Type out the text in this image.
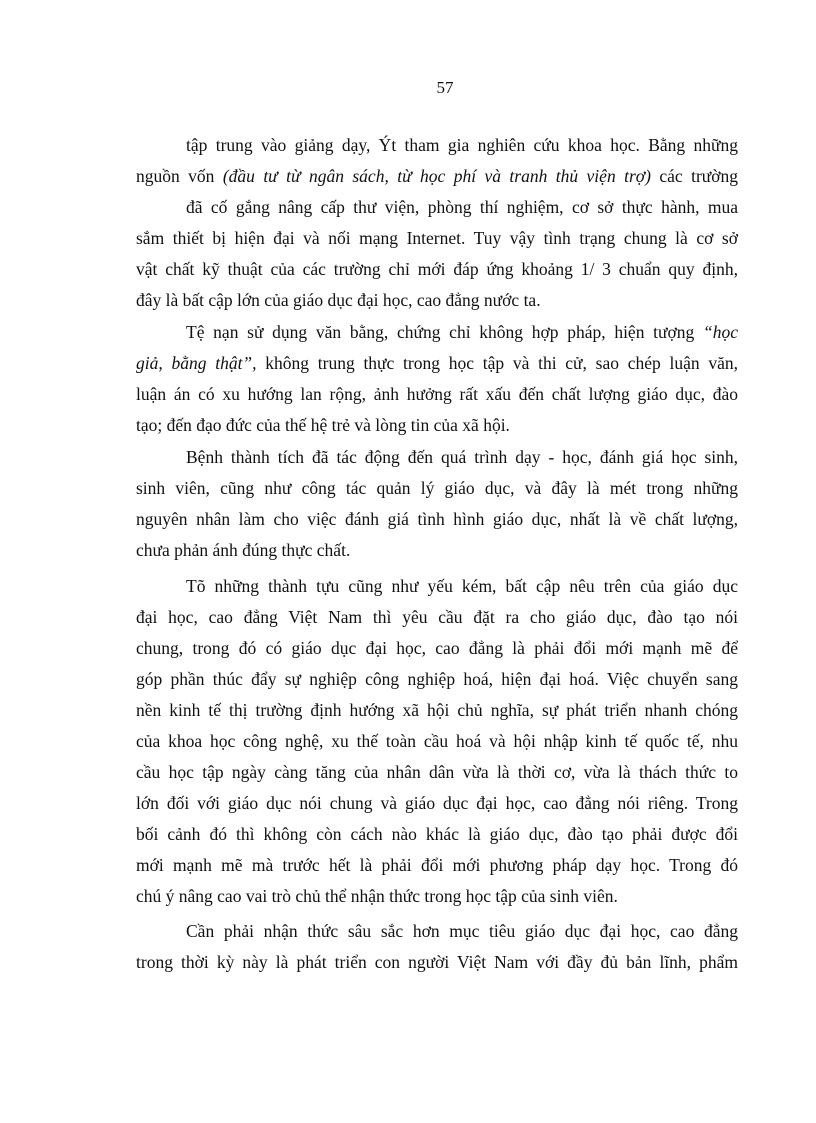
57
tập trung vào giảng dạy, Ýt tham gia nghiên cứu khoa học. Bằng những
nguồn vốn (đầu tư từ ngân sách, từ học phí và tranh thủ viện trợ) các trường
đã cố gắng nâng cấp thư viện, phòng thí nghiệm, cơ sở thực hành, mua
sắm thiết bị hiện đại và nối mạng Internet. Tuy vậy tình trạng chung là cơ sở
vật chất kỹ thuật của các trường chỉ mới đáp ứng khoảng 1/ 3 chuẩn quy định,
đây là bất cập lớn của giáo dục đại học, cao đẳng nước ta.
Tệ nạn sử dụng văn bằng, chứng chỉ không hợp pháp, hiện tượng “học
giả, bằng thật”, không trung thực trong học tập và thi cử, sao chép luận văn,
luận án có xu hướng lan rộng, ảnh hưởng rất xấu đến chất lượng giáo dục, đào
tạo; đến đạo đức của thế hệ trẻ và lòng tin của xã hội.
Bệnh thành tích đã tác động đến quá trình dạy - học, đánh giá học sinh,
sinh viên, cũng như công tác quản lý giáo dục, và đây là mét trong những
nguyên nhân làm cho việc đánh giá tình hình giáo dục, nhất là về chất lượng,
chưa phản ánh đúng thực chất.
Tõ những thành tựu cũng như yếu kém, bất cập nêu trên của giáo dục
đại học, cao đẳng Việt Nam thì yêu cầu đặt ra cho giáo dục, đào tạo nói
chung, trong đó có giáo dục đại học, cao đẳng là phải đổi mới mạnh mẽ để
góp phần thúc đẩy sự nghiệp công nghiệp hoá, hiện đại hoá. Việc chuyển sang
nền kinh tế thị trường định hướng xã hội chủ nghĩa, sự phát triển nhanh chóng
của khoa học công nghệ, xu thế toàn cầu hoá và hội nhập kinh tế quốc tế, nhu
cầu học tập ngày càng tăng của nhân dân vừa là thời cơ, vừa là thách thức to
lớn đối với giáo dục nói chung và giáo dục đại học, cao đẳng nói riêng. Trong
bối cảnh đó thì không còn cách nào khác là giáo dục, đào tạo phải được đổi
mới mạnh mẽ mà trước hết là phải đổi mới phương pháp dạy học. Trong đó
chú ý nâng cao vai trò chủ thể nhận thức trong học tập của sinh viên.
Cần phải nhận thức sâu sắc hơn mục tiêu giáo dục đại học, cao đẳng
trong thời kỳ này là phát triển con người Việt Nam với đầy đủ bản lĩnh, phẩm
